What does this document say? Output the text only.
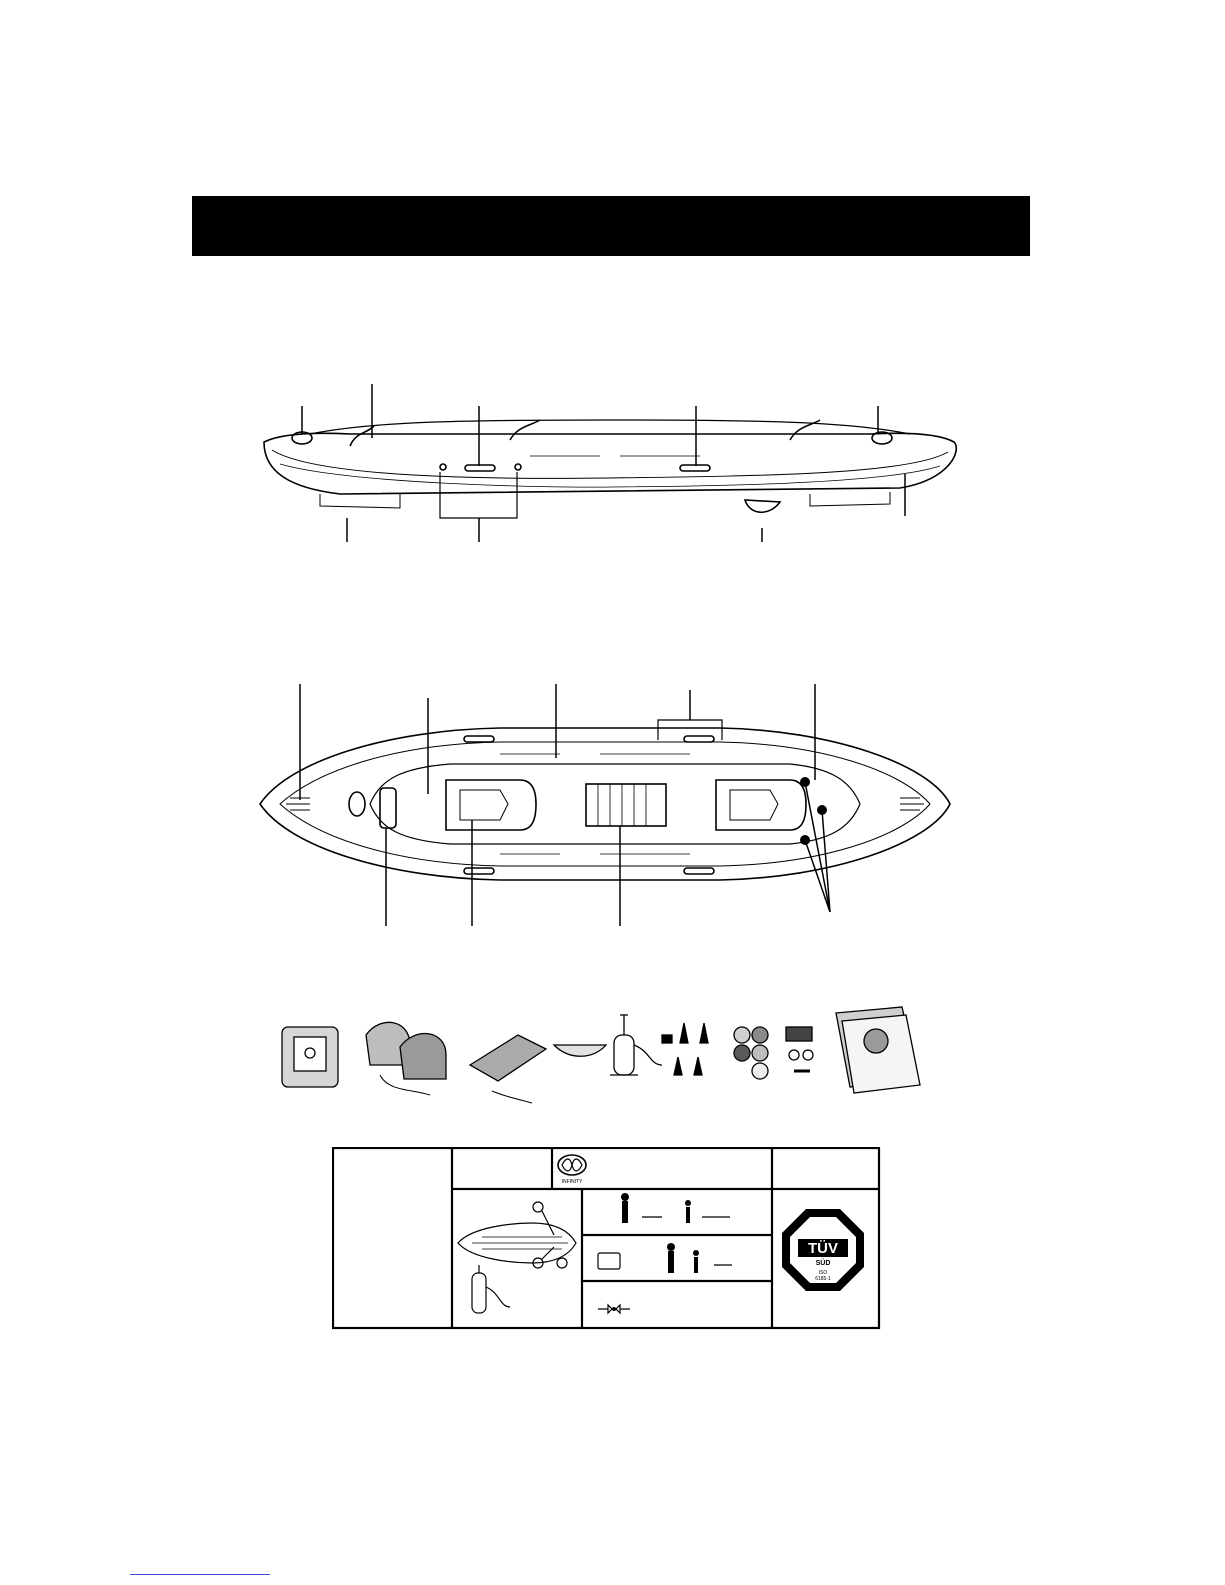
INFINITY
TÜV
SÜD
ISO
6185-1
